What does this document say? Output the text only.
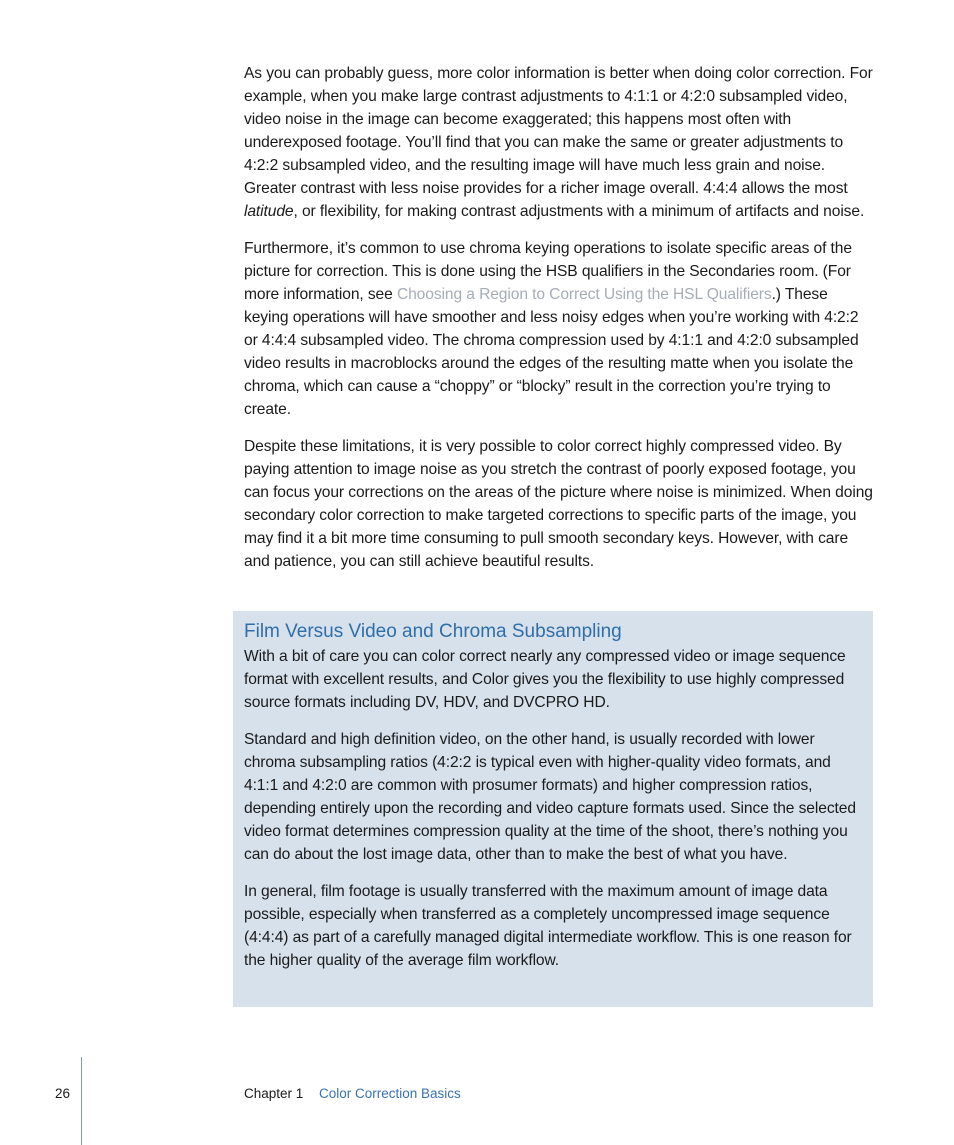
As you can probably guess, more color information is better when doing color correction. For example, when you make large contrast adjustments to 4:1:1 or 4:2:0 subsampled video, video noise in the image can become exaggerated; this happens most often with underexposed footage. You’ll find that you can make the same or greater adjustments to 4:2:2 subsampled video, and the resulting image will have much less grain and noise. Greater contrast with less noise provides for a richer image overall. 4:4:4 allows the most latitude, or flexibility, for making contrast adjustments with a minimum of artifacts and noise.

Furthermore, it’s common to use chroma keying operations to isolate specific areas of the picture for correction. This is done using the HSB qualifiers in the Secondaries room. (For more information, see Choosing a Region to Correct Using the HSL Qualifiers.) These keying operations will have smoother and less noisy edges when you’re working with 4:2:2 or 4:4:4 subsampled video. The chroma compression used by 4:1:1 and 4:2:0 subsampled video results in macroblocks around the edges of the resulting matte when you isolate the chroma, which can cause a “choppy” or “blocky” result in the correction you’re trying to create.

Despite these limitations, it is very possible to color correct highly compressed video. By paying attention to image noise as you stretch the contrast of poorly exposed footage, you can focus your corrections on the areas of the picture where noise is minimized. When doing secondary color correction to make targeted corrections to specific parts of the image, you may find it a bit more time consuming to pull smooth secondary keys. However, with care and patience, you can still achieve beautiful results.

Film Versus Video and Chroma Subsampling

With a bit of care you can color correct nearly any compressed video or image sequence format with excellent results, and Color gives you the flexibility to use highly compressed source formats including DV, HDV, and DVCPRO HD.

Standard and high definition video, on the other hand, is usually recorded with lower chroma subsampling ratios (4:2:2 is typical even with higher-quality video formats, and 4:1:1 and 4:2:0 are common with prosumer formats) and higher compression ratios, depending entirely upon the recording and video capture formats used. Since the selected video format determines compression quality at the time of the shoot, there’s nothing you can do about the lost image data, other than to make the best of what you have.

In general, film footage is usually transferred with the maximum amount of image data possible, especially when transferred as a completely uncompressed image sequence (4:4:4) as part of a carefully managed digital intermediate workflow. This is one reason for the higher quality of the average film workflow.

26	Chapter 1 Color Correction Basics
